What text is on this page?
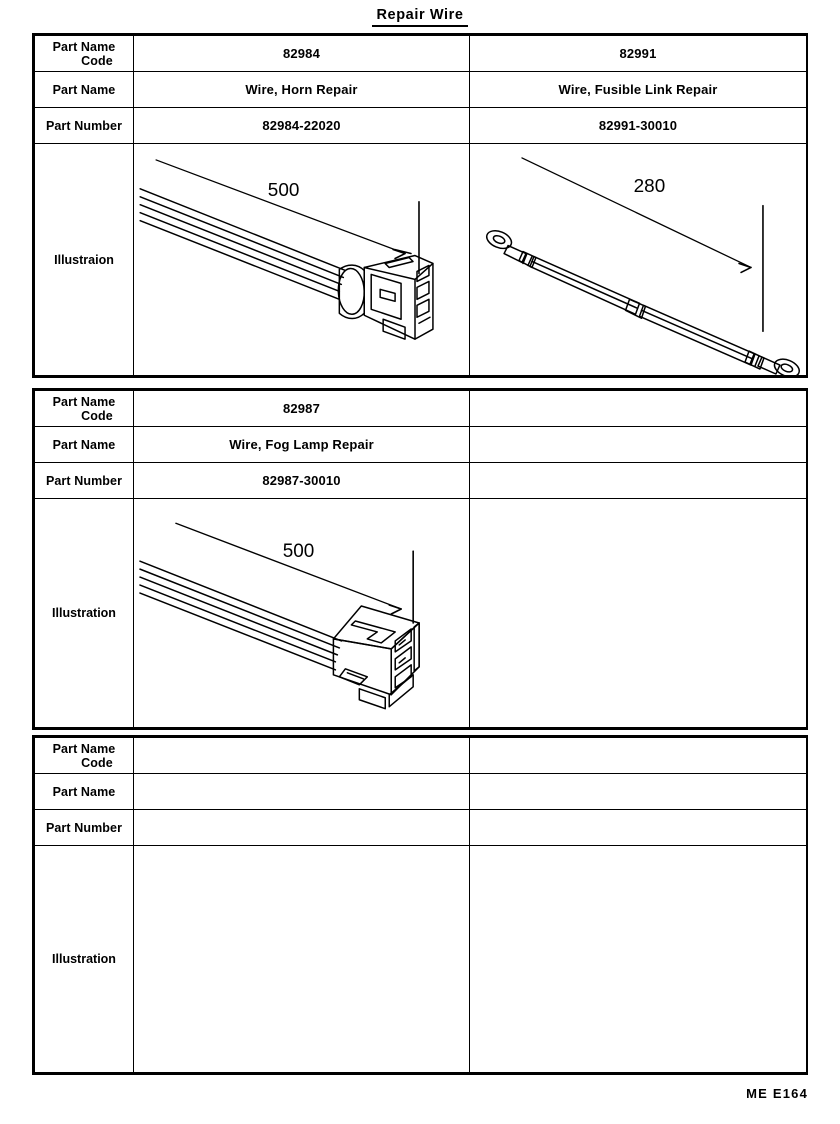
Repair Wire
Part Name
Code	82984	82991
Part Name	Wire, Horn Repair	Wire, Fusible Link Repair
Part Number	82984-22020	82991-30010
Illustraion	500	280
Part Name
Code	82987	
Part Name	Wire, Fog Lamp Repair	
Part Number	82987-30010	
Illustration	500	

Part Name
Code		

Part Name		
Part Number		
Illustration		
ME E164
